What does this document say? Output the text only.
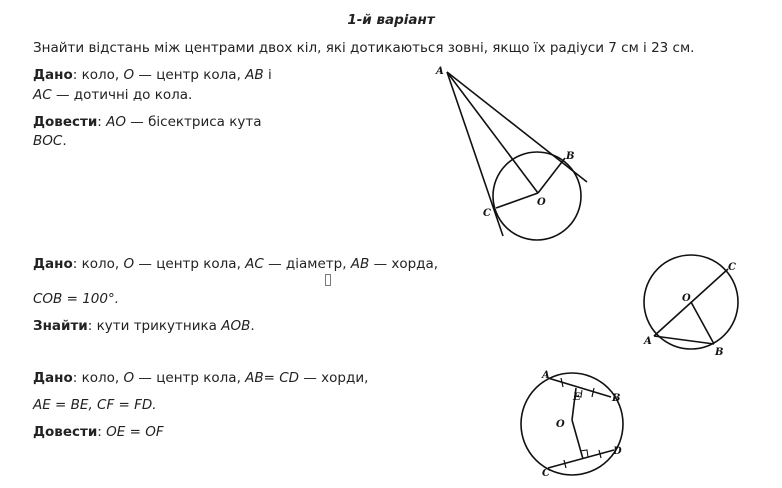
1-й варіант
Знайти відстань між центрами двох кіл, які дотикаються зовні, якщо їх радіуси 7 см і 23 см.
Дано: коло, O — центр кола, AB і
AC — дотичні до кола.
Довести: AO — бісектриса кута
BOC.
A
B
C
O
Дано: коло, O — центр кола, AC — діаметр, AB — хорда,
COB = 100°.
Знайти: кути трикутника AOB.
A
B
C
O
Дано: коло, O — центр кола, AB= CD — хорди,
AE = BE, CF = FD.
Довести: OE = OF
A
B
C
D
E
O
